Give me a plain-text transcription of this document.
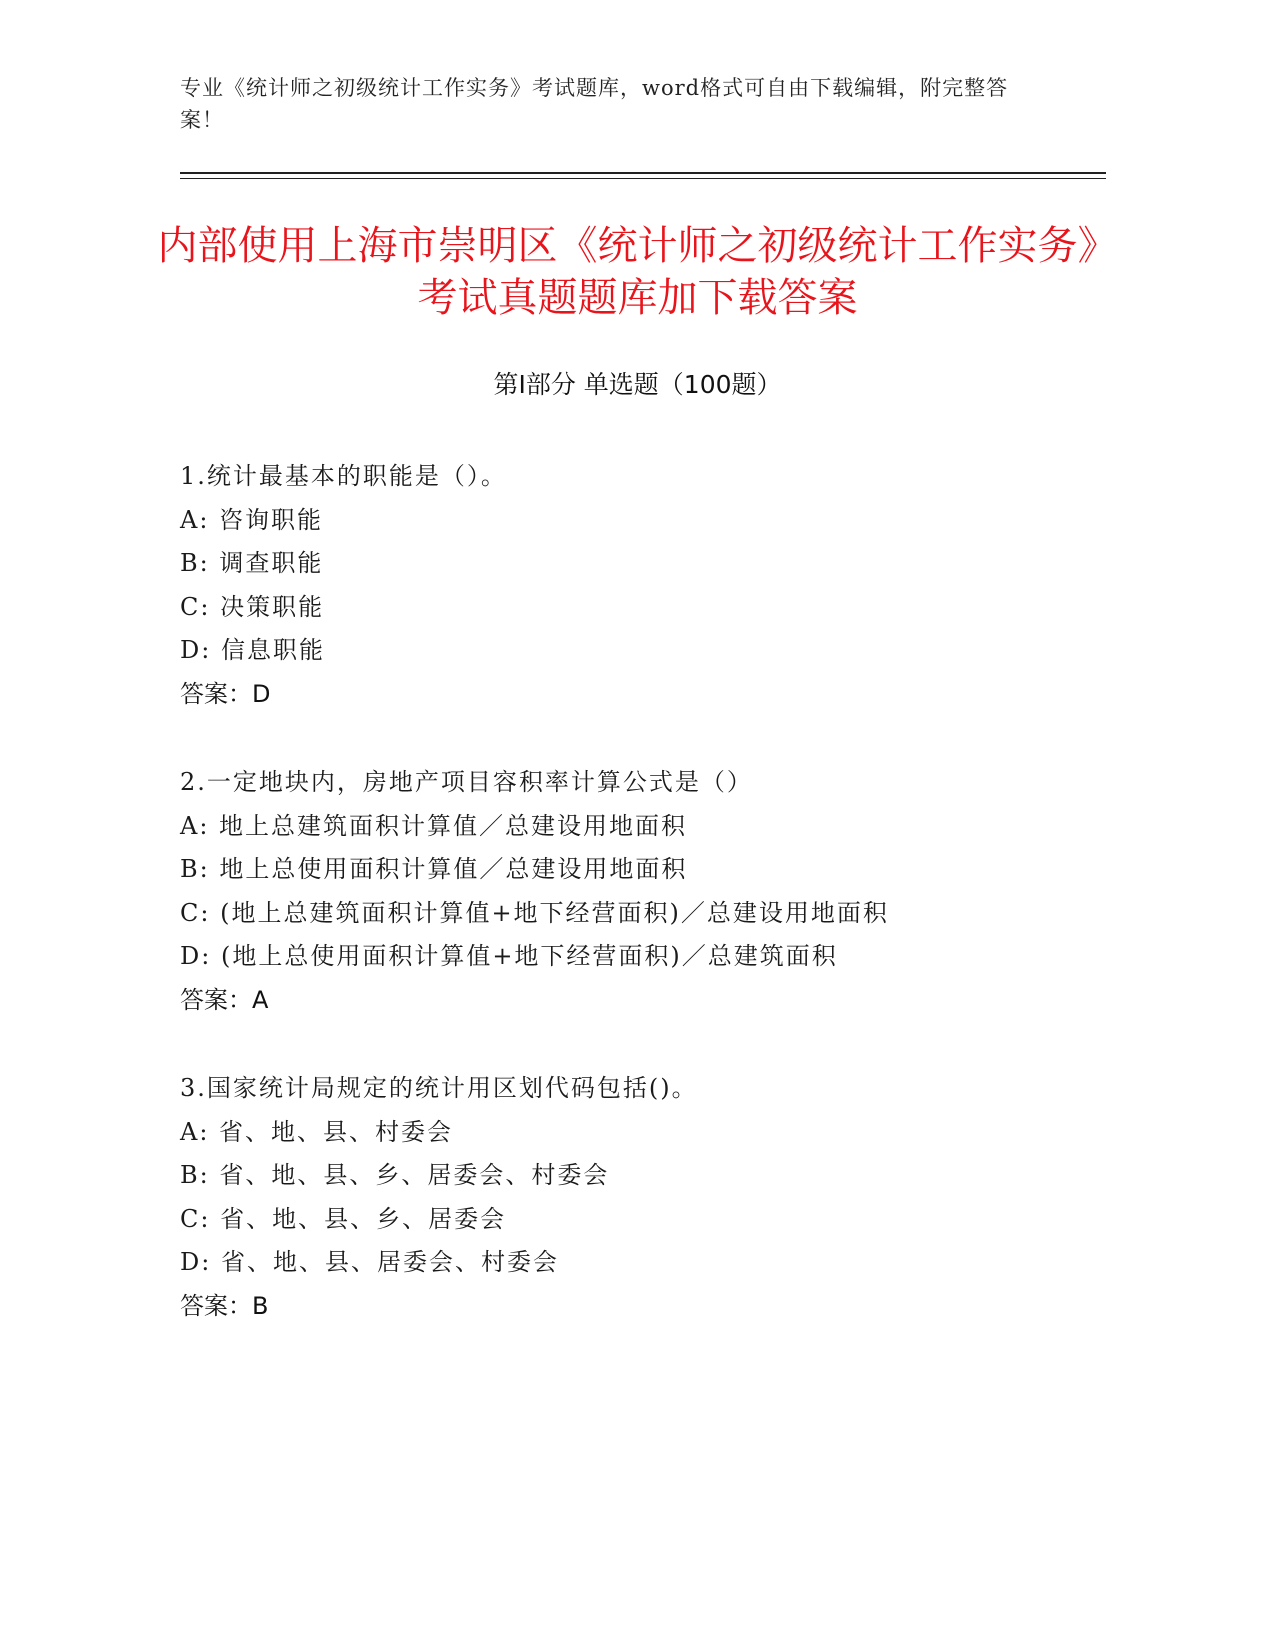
专业《统计师之初级统计工作实务》考试题库，word格式可自由下载编辑，附完整答案！
内部使用上海市崇明区《统计师之初级统计工作实务》考试真题题库加下载答案
第I部分 单选题（100题）
1.统计最基本的职能是（）。
A: 咨询职能
B: 调查职能
C: 决策职能
D: 信息职能
答案：D
2.一定地块内，房地产项目容积率计算公式是（）
A: 地上总建筑面积计算值／总建设用地面积
B: 地上总使用面积计算值／总建设用地面积
C: (地上总建筑面积计算值+地下经营面积)／总建设用地面积
D: (地上总使用面积计算值+地下经营面积)／总建筑面积
答案：A
3.国家统计局规定的统计用区划代码包括()。
A: 省、地、县、村委会
B: 省、地、县、乡、居委会、村委会
C: 省、地、县、乡、居委会
D: 省、地、县、居委会、村委会
答案：B
